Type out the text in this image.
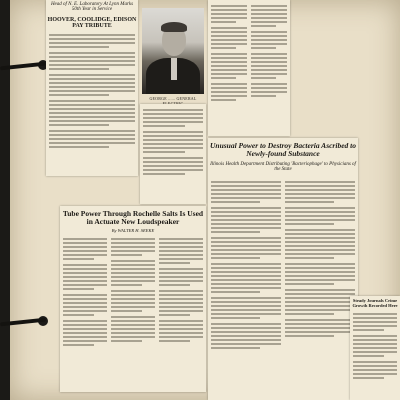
Head of N. E. Laboratory At Lynn Marks 50th Year in Service

HOOVER, COOLIDGE, EDISON PAY TRIBUTE

GEORGE ...... GENERAL

Unusual Power to Destroy Bacteria Ascribed to Newly-found Substance

Illinois Health Department Distributing 'Bacteriophage' to Physicians of the State

Tube Power Through Rochelle Salts Is Used in Actuate New Loudspeaker

By WALTER H. SEEKE

Steady Journals Crime Growth Recorded Here
